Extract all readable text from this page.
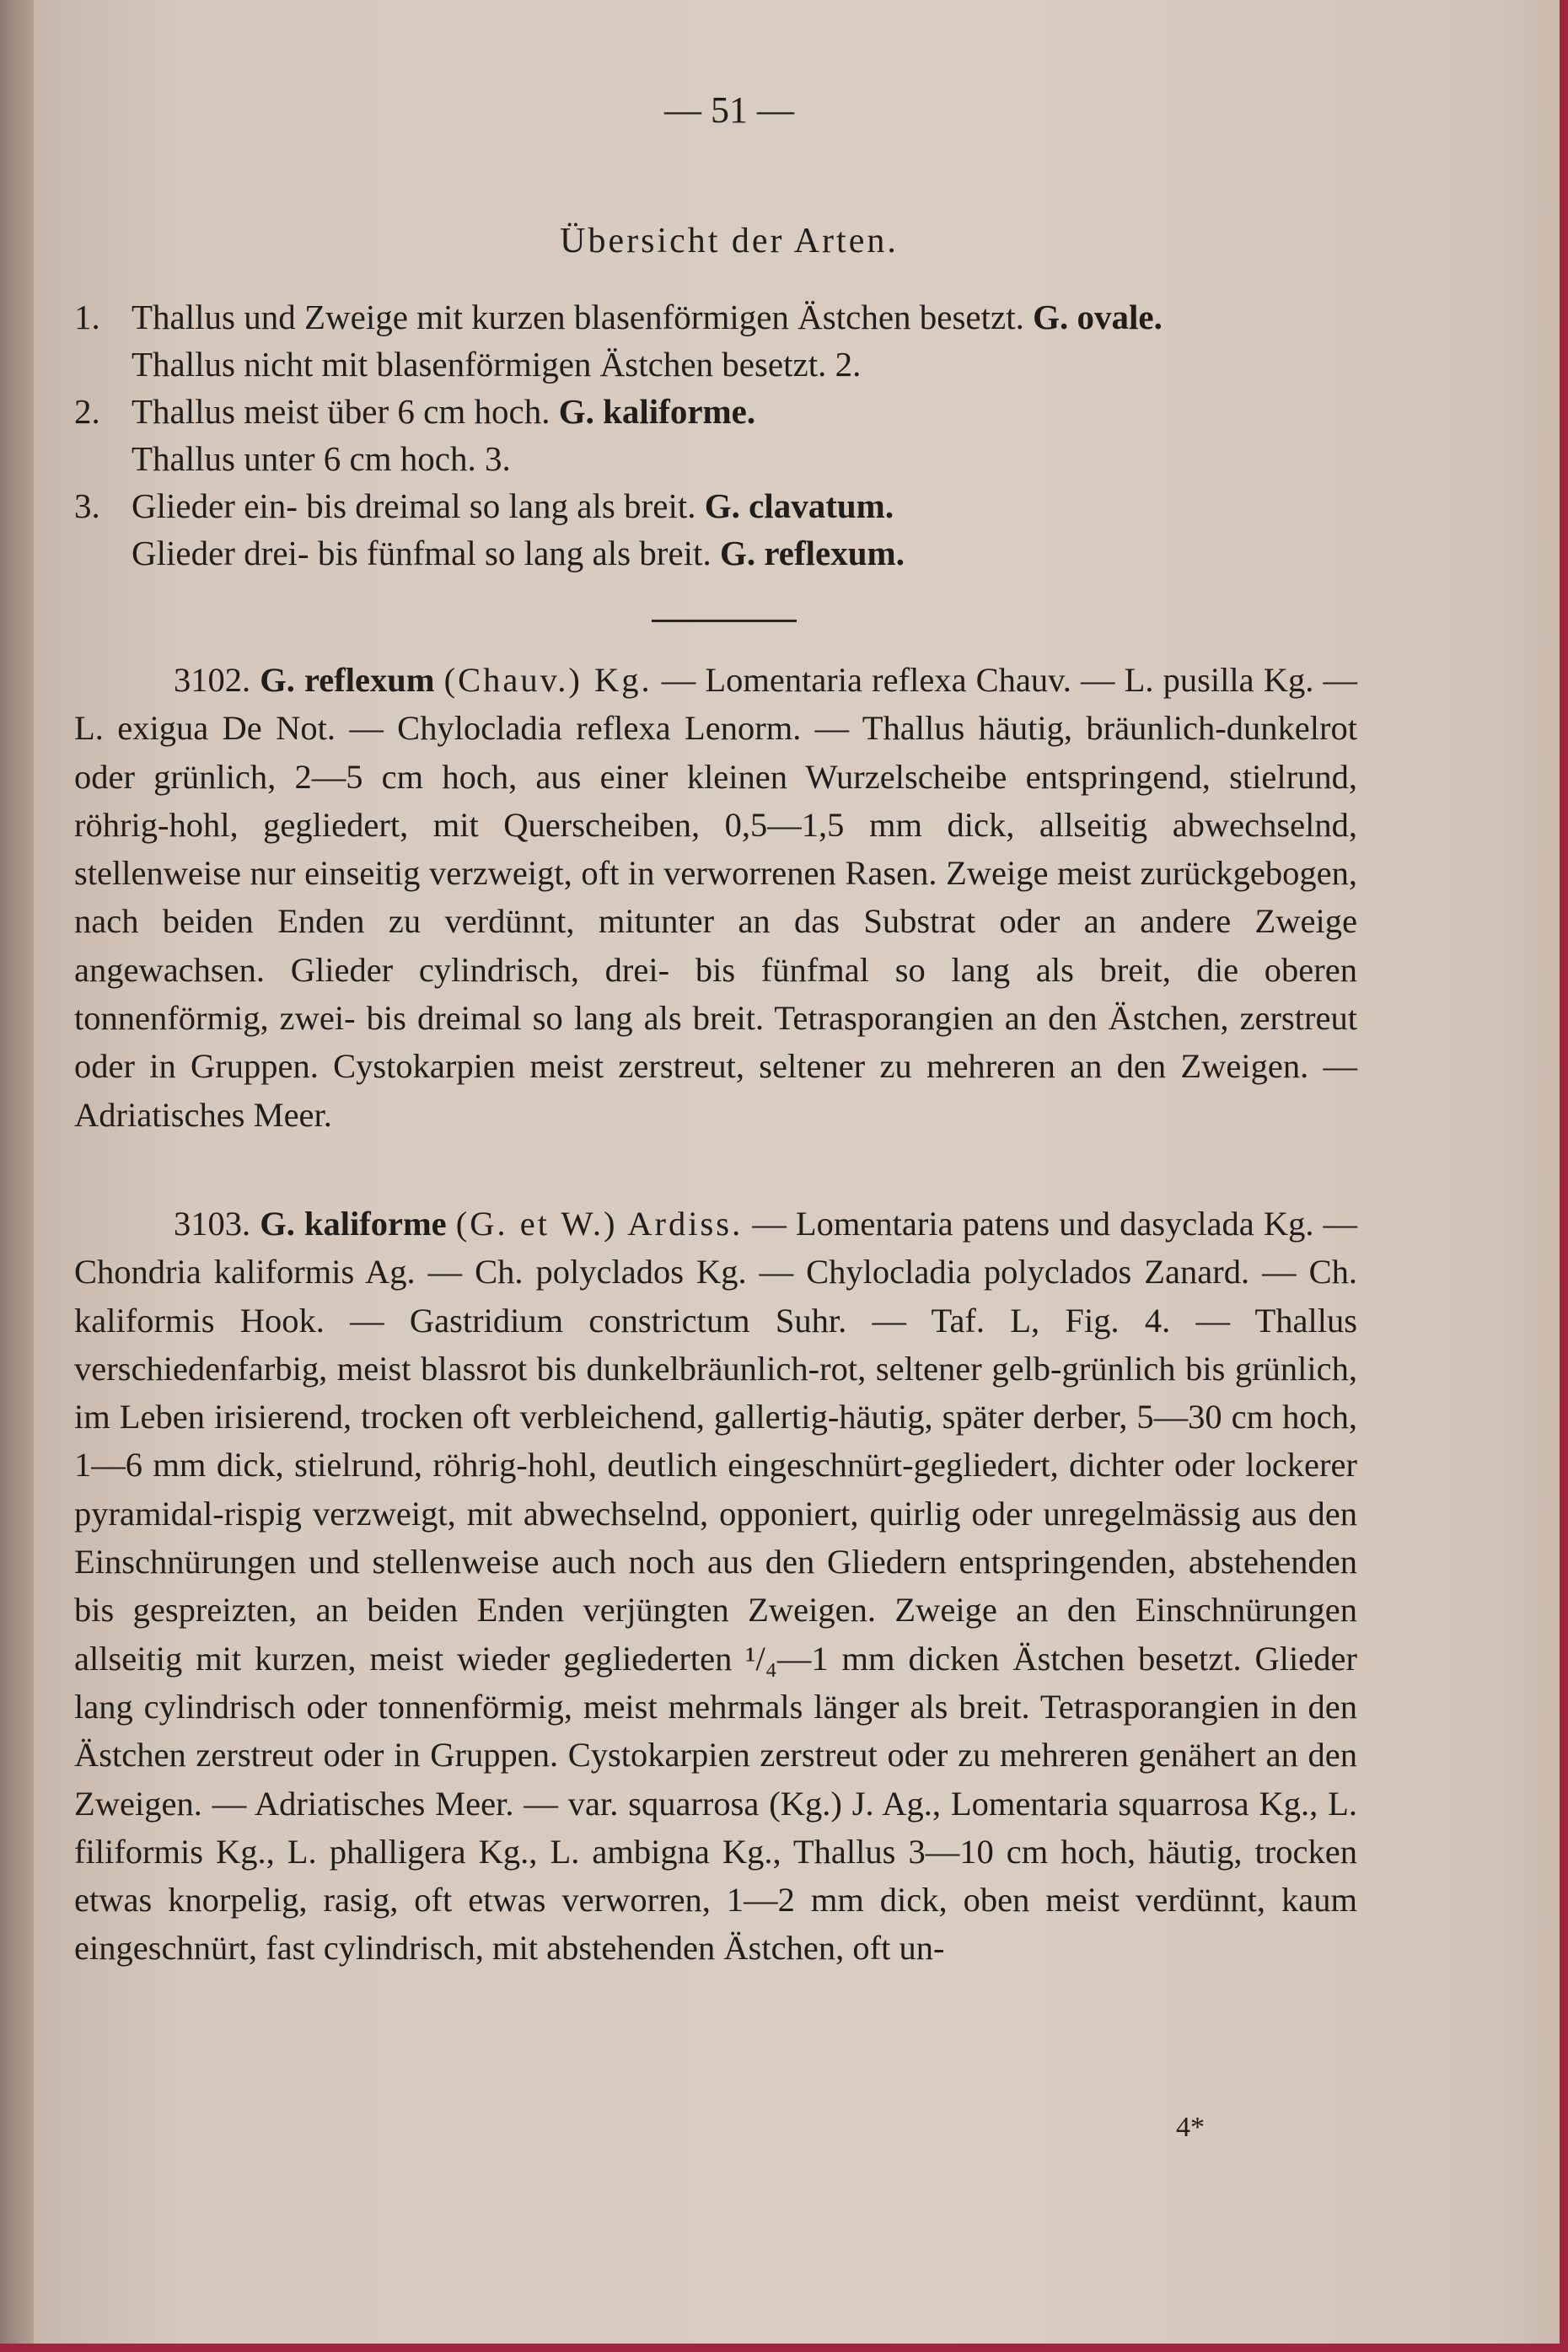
— 51 —
Übersicht der Arten.
1. Thallus und Zweige mit kurzen blasenförmigen Ästchen besetzt.
G. ovale.
Thallus nicht mit blasenförmigen Ästchen besetzt. 2.
2. Thallus meist über 6 cm hoch.
G. kaliforme.
Thallus unter 6 cm hoch. 3.
3. Glieder ein- bis dreimal so lang als breit.
G. clavatum.
Glieder drei- bis fünfmal so lang als breit.
G. reflexum.

3102. G. reflexum (Chauv.) Kg. — Lomentaria reflexa Chauv. — L. pusilla Kg. — L. exigua De Not. — Chylocladia reflexa Lenorm. — Thallus häutig, bräunlich-dunkelrot oder grünlich, 2—5 cm hoch, aus einer kleinen Wurzelscheibe entspringend, stielrund, röhrig-hohl, gegliedert, mit Querscheiben, 0,5—1,5 mm dick, allseitig abwechselnd, stellenweise nur einseitig verzweigt, oft in verworrenen Rasen. Zweige meist zurückgebogen, nach beiden Enden zu verdünnt, mitunter an das Substrat oder an andere Zweige angewachsen. Glieder cylindrisch, drei- bis fünfmal so lang als breit, die oberen tonnenförmig, zwei- bis dreimal so lang als breit. Tetrasporangien an den Ästchen, zerstreut oder in Gruppen. Cystokarpien meist zerstreut, seltener zu mehreren an den Zweigen. — Adriatisches Meer.

3103. G. kaliforme (G. et W.) Ardiss. — Lomentaria patens und dasyclada Kg. — Chondria kaliformis Ag. — Ch. polyclados Kg. — Chylocladia polyclados Zanard. — Ch. kaliformis Hook. — Gastridium constrictum Suhr. — Taf. L, Fig. 4. — Thallus verschiedenfarbig, meist blassrot bis dunkelbräunlich-rot, seltener gelb-grünlich bis grünlich, im Leben irisierend, trocken oft verbleichend, gallertig-häutig, später derber, 5—30 cm hoch, 1—6 mm dick, stielrund, röhrig-hohl, deutlich eingeschnürt-gegliedert, dichter oder lockerer pyramidal-rispig verzweigt, mit abwechselnd, opponiert, quirlig oder unregelmässig aus den Einschnürungen und stellenweise auch noch aus den Gliedern entspringenden, abstehenden bis gespreizten, an beiden Enden verjüngten Zweigen. Zweige an den Einschnürungen allseitig mit kurzen, meist wieder gegliederten ¹/₄—1 mm dicken Ästchen besetzt. Glieder lang cylindrisch oder tonnenförmig, meist mehrmals länger als breit. Tetrasporangien in den Ästchen zerstreut oder in Gruppen. Cystokarpien zerstreut oder zu mehreren genähert an den Zweigen. — Adriatisches Meer. — var. squarrosa (Kg.) J. Ag., Lomentaria squarrosa Kg., L. filiformis Kg., L. phalligera Kg., L. ambigna Kg., Thallus 3—10 cm hoch, häutig, trocken etwas knorpelig, rasig, oft etwas verworren, 1—2 mm dick, oben meist verdünnt, kaum eingeschnürt, fast cylindrisch, mit abstehenden Ästchen, oft un-

4*
